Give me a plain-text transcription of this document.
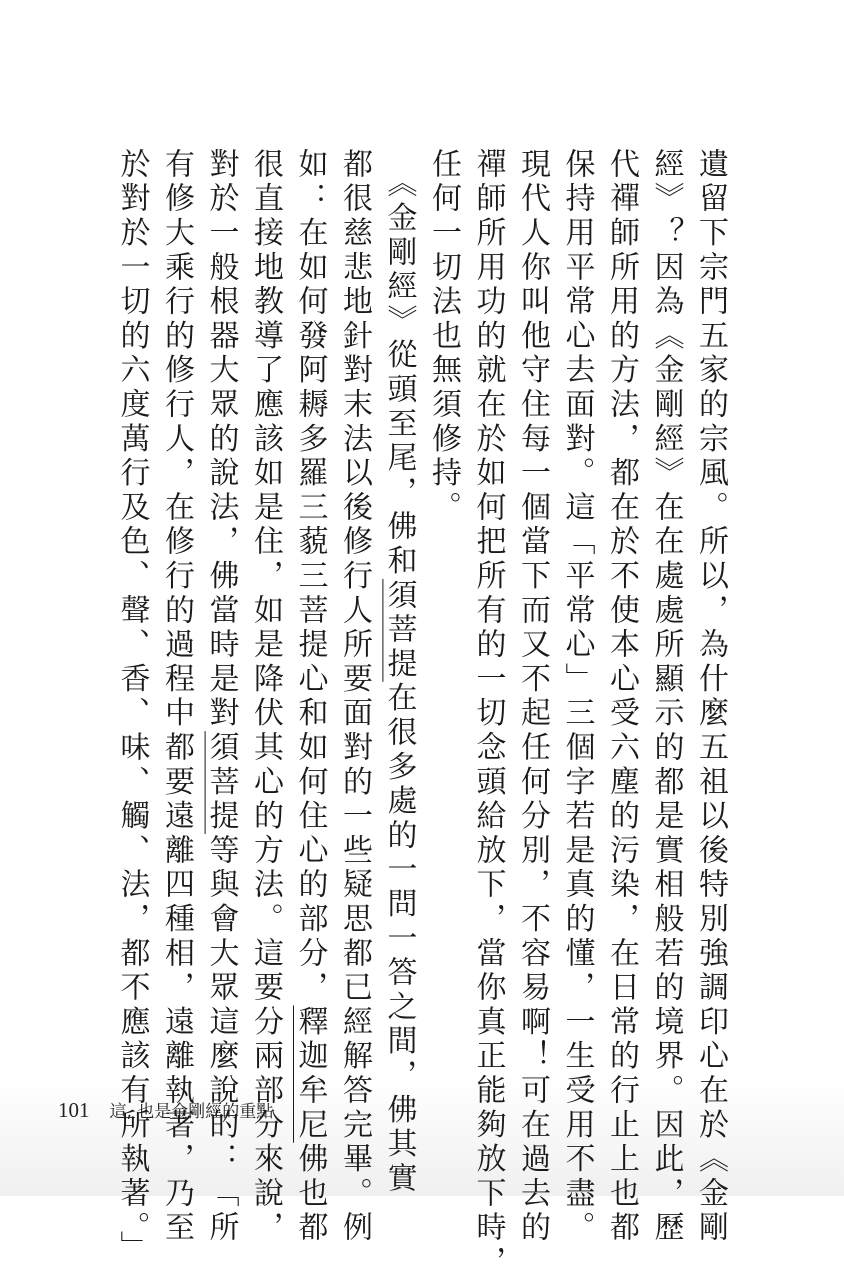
遺留下宗門五家的宗風。所以，為什麼五祖以後特別強調印心在於《金剛
經》？因為《金剛經》在在處處所顯示的都是實相般若的境界。因此，歷
代禪師所用的方法，都在於不使本心受六塵的污染，在日常的行止上也都
保持用平常心去面對。這「平常心」三個字若是真的懂，一生受用不盡。
現代人你叫他守住每一個當下而又不起任何分別，不容易啊！可在過去的
禪師所用功的就在於如何把所有的一切念頭給放下，當你真正能夠放下時，
任何一切法也無須修持。
　《金剛經》從頭至尾，佛和須菩提在很多處的一問一答之間，佛其實
都很慈悲地針對末法以後修行人所要面對的一些疑思都已經解答完畢。例
如：在如何發阿耨多羅三藐三菩提心和如何住心的部分，釋迦牟尼佛也都
很直接地教導了應該如是住，如是降伏其心的方法。這要分兩部分來說，
對於一般根器大眾的說法，佛當時是對須菩提等與會大眾這麼說的：「所
有修大乘行的修行人，在修行的過程中都要遠離四種相，遠離執著，乃至
於對於一切的六度萬行及色、聲、香、味、觸、法，都不應該有所執著。」
101 這, 也是金剛經的重點
